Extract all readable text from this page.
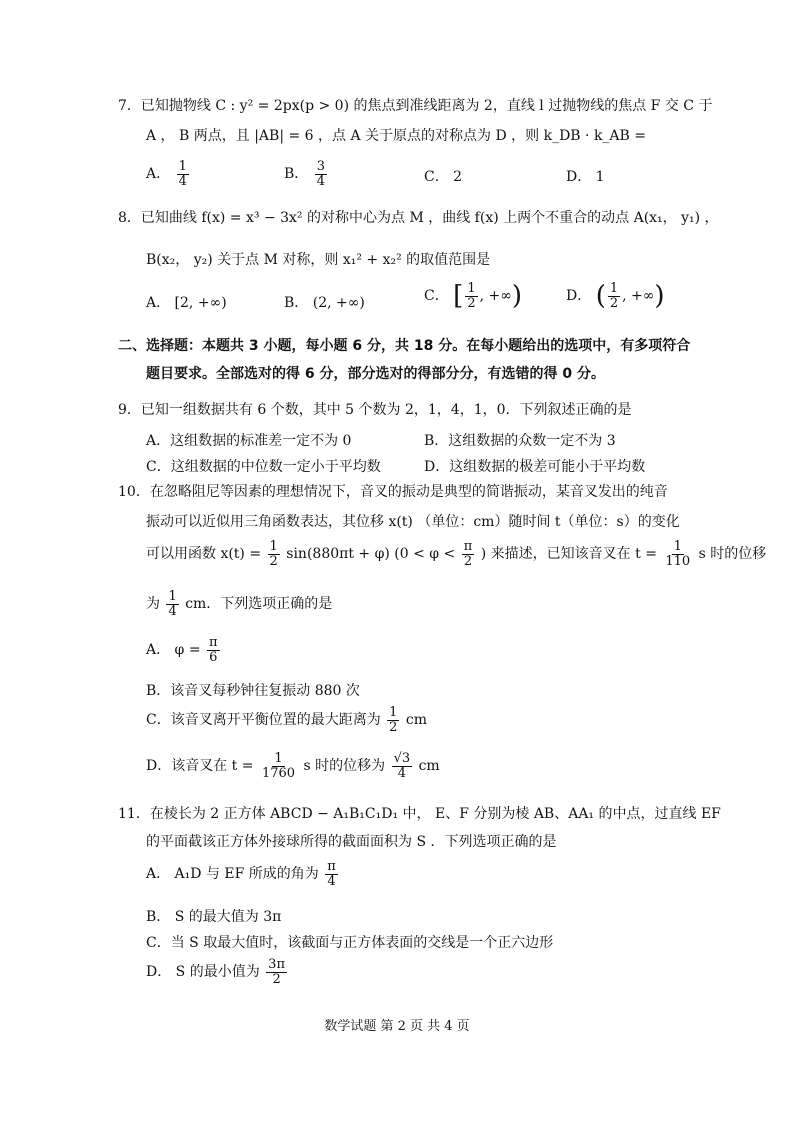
7．已知抛物线 C : y² = 2px(p > 0) 的焦点到准线距离为 2，直线 l 过抛物线的焦点 F 交 C 于
A ， B 两点，且 |AB| = 6 ，点 A 关于原点的对称点为 D ，则 k_DB · k_AB =
A． $\frac{1}{4}$	B． $\frac{3}{4}$	C． 2	D． 1
8．已知曲线 f(x) = x³ − 3x² 的对称中心为点 M ，曲线 f(x) 上两个不重合的动点 A(x₁， y₁) ，
B(x₂， y₂) 关于点 M 对称，则 x₁² + x₂² 的取值范围是
A． [2, +∞)	B． (2, +∞)	C． [ $\frac{1}{2}$ , +∞)	D． ( $\frac{1}{2}$ , +∞)
二、选择题：本题共 3 小题，每小题 6 分，共 18 分。在每小题给出的选项中，有多项符合
题目要求。全部选对的得 6 分，部分选对的得部分分，有选错的得 0 分。
9．已知一组数据共有 6 个数，其中 5 个数为 2，1，4，1，0．下列叙述正确的是
A．这组数据的标准差一定不为 0	B．这组数据的众数一定不为 3
C．这组数据的中位数一定小于平均数	D．这组数据的极差可能小于平均数
10．在忽略阻尼等因素的理想情况下，音叉的振动是典型的简谐振动，某音叉发出的纯音
振动可以近似用三角函数表达，其位移 x(t) （单位：cm）随时间 t（单位：s）的变化
可以用函数 $x(t) = \frac{1}{2} \sin(880\pi t + \varphi) (0 < \varphi < \frac{\pi}{2}$ ) 来描述，已知该音叉在 $t = \frac{1}{110}$ s 时的位移
为 $\frac{1}{4}$ cm．下列选项正确的是
A． $\varphi = \frac{\pi}{6}$
B．该音叉每秒钟往复振动 880 次
C．该音叉离开平衡位置的最大距离为 $\frac{1}{2}$ cm
D．该音叉在 $t = \frac{1}{1760}$ s 时的位移为 $\frac{√3}{4}$ cm
11．在棱长为 2 正方体 ABCD − A₁B₁C₁D₁ 中， E、F 分别为棱 AB、AA₁ 的中点，过直线 EF
的平面截该正方体外接球所得的截面面积为 S ．下列选项正确的是
A． A₁D 与 EF 所成的角为 $\frac{\pi}{4}$
B． S 的最大值为 3π
C．当 S 取最大值时，该截面与正方体表面的交线是一个正六边形
D． S 的最小值为 $\frac{3\pi}{2}$
数学试题 第 2 页 共 4 页
